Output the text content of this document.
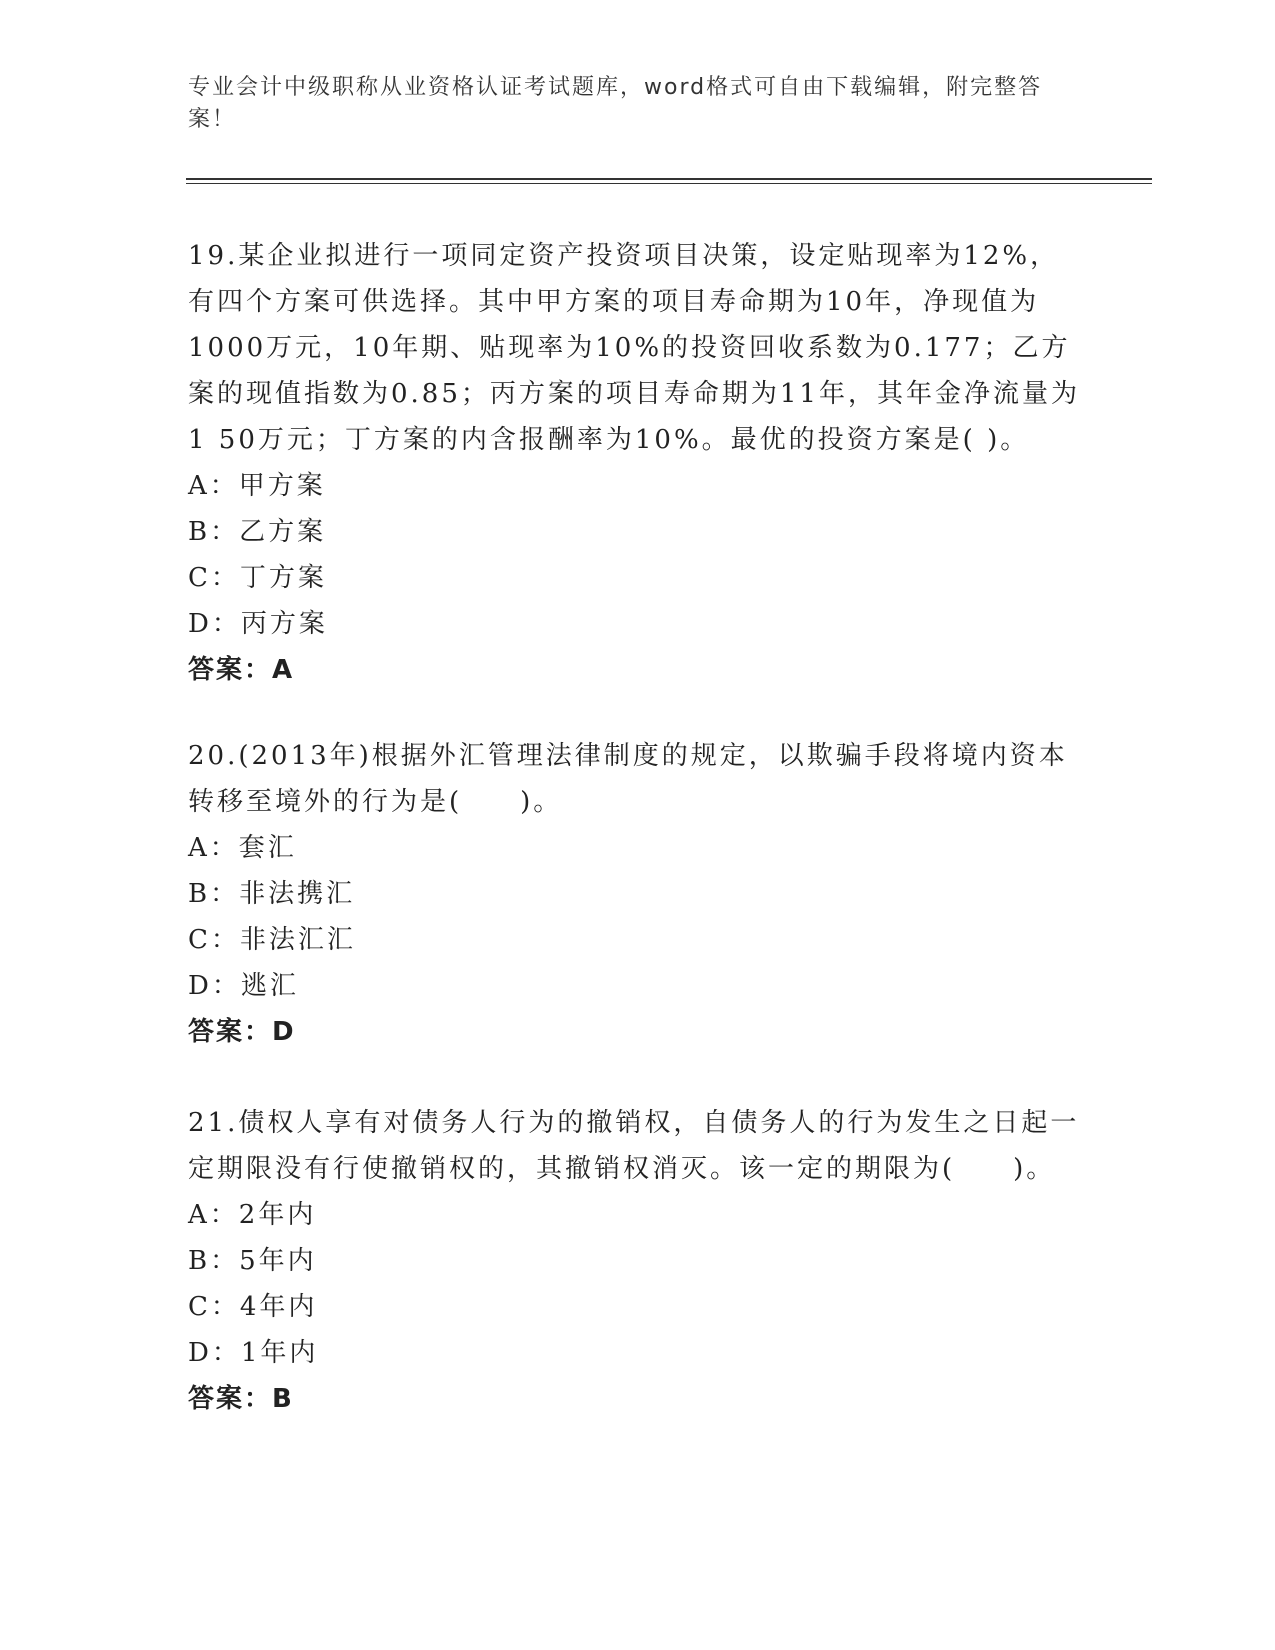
专业会计中级职称从业资格认证考试题库，word格式可自由下载编辑，附完整答案！

19.某企业拟进行一项同定资产投资项目决策，设定贴现率为12%，有四个方案可供选择。其中甲方案的项目寿命期为10年，净现值为1000万元，10年期、贴现率为10%的投资回收系数为0.177；乙方案的现值指数为0.85；丙方案的项目寿命期为11年，其年金净流量为1 50万元；丁方案的内含报酬率为10%。最优的投资方案是( )。

A：甲方案
B：乙方案
C：丁方案
D：丙方案
答案：A

20.(2013年)根据外汇管理法律制度的规定，以欺骗手段将境内资本转移至境外的行为是(　　)。

A：套汇
B：非法携汇
C：非法汇汇
D：逃汇
答案：D

21.债权人享有对债务人行为的撤销权，自债务人的行为发生之日起一定期限没有行使撤销权的，其撤销权消灭。该一定的期限为(　　)。

A：2年内
B：5年内
C：4年内
D：1年内
答案：B
